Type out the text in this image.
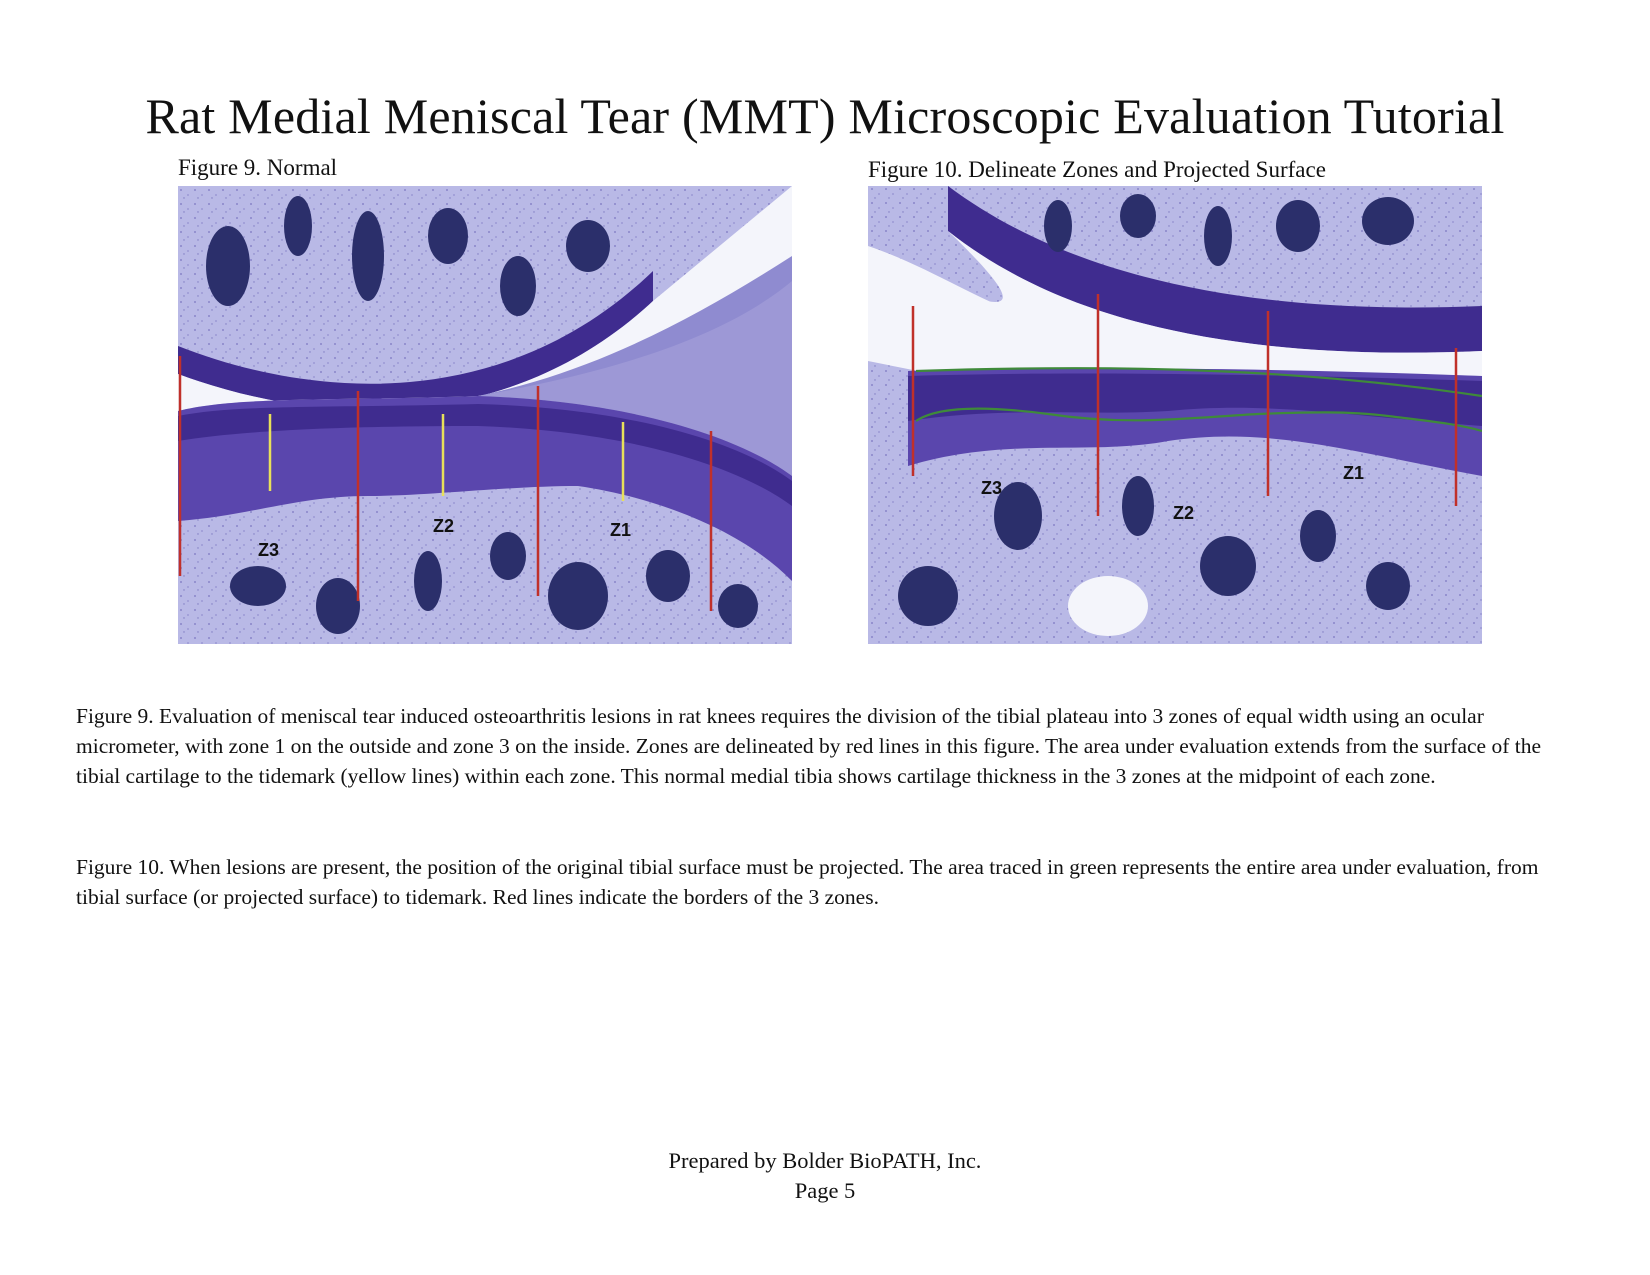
Rat Medial Meniscal Tear (MMT) Microscopic Evaluation Tutorial
Figure 9. Normal	Figure 10. Delineate Zones and Projected Surface
Z3
Z2	Z1
Z3
Z2
Z1

Figure 9. Evaluation of meniscal tear induced osteoarthritis lesions in rat knees requires the division of the tibial plateau into 3 zones of equal width using an ocular micrometer, with zone 1 on the outside and zone 3 on the inside. Zones are delineated by red lines in this figure. The area under evaluation extends from the surface of the tibial cartilage to the tidemark (yellow lines) within each zone. This normal medial tibia shows cartilage thickness in the 3 zones at the midpoint of each zone.

Figure 10. When lesions are present, the position of the original tibial surface must be projected. The area traced in green represents the entire area under evaluation, from tibial surface (or projected surface) to tidemark. Red lines indicate the borders of the 3 zones.

Prepared by Bolder BioPATH, Inc.
Page 5
